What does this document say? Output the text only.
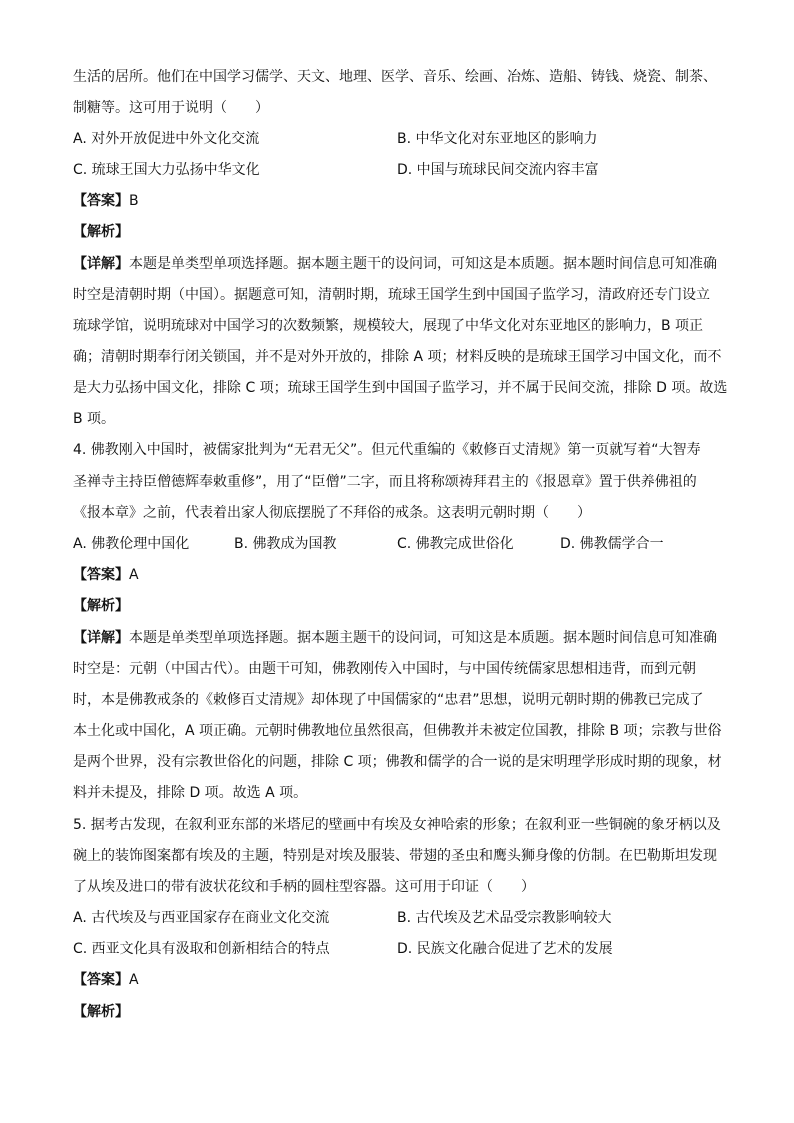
生活的居所。他们在中国学习儒学、天文、地理、医学、音乐、绘画、冶炼、造船、铸钱、烧瓷、制茶、
制糖等。这可用于说明（　　）
A. 对外开放促进中外文化交流	B. 中华文化对东亚地区的影响力
C. 琉球王国大力弘扬中华文化	D. 中国与琉球民间交流内容丰富
【答案】B
【解析】
【详解】本题是单类型单项选择题。据本题主题干的设问词，可知这是本质题。据本题时间信息可知准确
时空是清朝时期（中国）。据题意可知，清朝时期，琉球王国学生到中国国子监学习，清政府还专门设立
琉球学馆，说明琉球对中国学习的次数频繁，规模较大，展现了中华文化对东亚地区的影响力，B 项正
确；清朝时期奉行闭关锁国，并不是对外开放的，排除 A 项；材料反映的是琉球王国学习中国文化，而不
是大力弘扬中国文化，排除 C 项；琉球王国学生到中国国子监学习，并不属于民间交流，排除 D 项。故选
B 项。
4. 佛教刚入中国时，被儒家批判为“无君无父”。但元代重编的《敕修百丈清规》第一页就写着“大智寿
圣禅寺主持臣僧德辉奉敕重修”，用了“臣僧”二字，而且将称颂祷拜君主的《报恩章》置于供养佛祖的
《报本章》之前，代表着出家人彻底摆脱了不拜俗的戒条。这表明元朝时期（　　）
A. 佛教伦理中国化	B. 佛教成为国教	C. 佛教完成世俗化	D. 佛教儒学合一
【答案】A
【解析】
【详解】本题是单类型单项选择题。据本题主题干的设问词，可知这是本质题。据本题时间信息可知准确
时空是：元朝（中国古代）。由题干可知，佛教刚传入中国时，与中国传统儒家思想相违背，而到元朝
时，本是佛教戒条的《敕修百丈清规》却体现了中国儒家的“忠君”思想，说明元朝时期的佛教已完成了
本土化或中国化，A 项正确。元朝时佛教地位虽然很高，但佛教并未被定位国教，排除 B 项；宗教与世俗
是两个世界，没有宗教世俗化的问题，排除 C 项；佛教和儒学的合一说的是宋明理学形成时期的现象，材
料并未提及，排除 D 项。故选 A 项。
5. 据考古发现，在叙利亚东部的米塔尼的壁画中有埃及女神哈索的形象；在叙利亚一些铜碗的象牙柄以及
碗上的装饰图案都有埃及的主题，特别是对埃及服装、带翅的圣虫和鹰头狮身像的仿制。在巴勒斯坦发现
了从埃及进口的带有波状花纹和手柄的圆柱型容器。这可用于印证（　　）
A. 古代埃及与西亚国家存在商业文化交流	B. 古代埃及艺术品受宗教影响较大
C. 西亚文化具有汲取和创新相结合的特点	D. 民族文化融合促进了艺术的发展
【答案】A
【解析】
